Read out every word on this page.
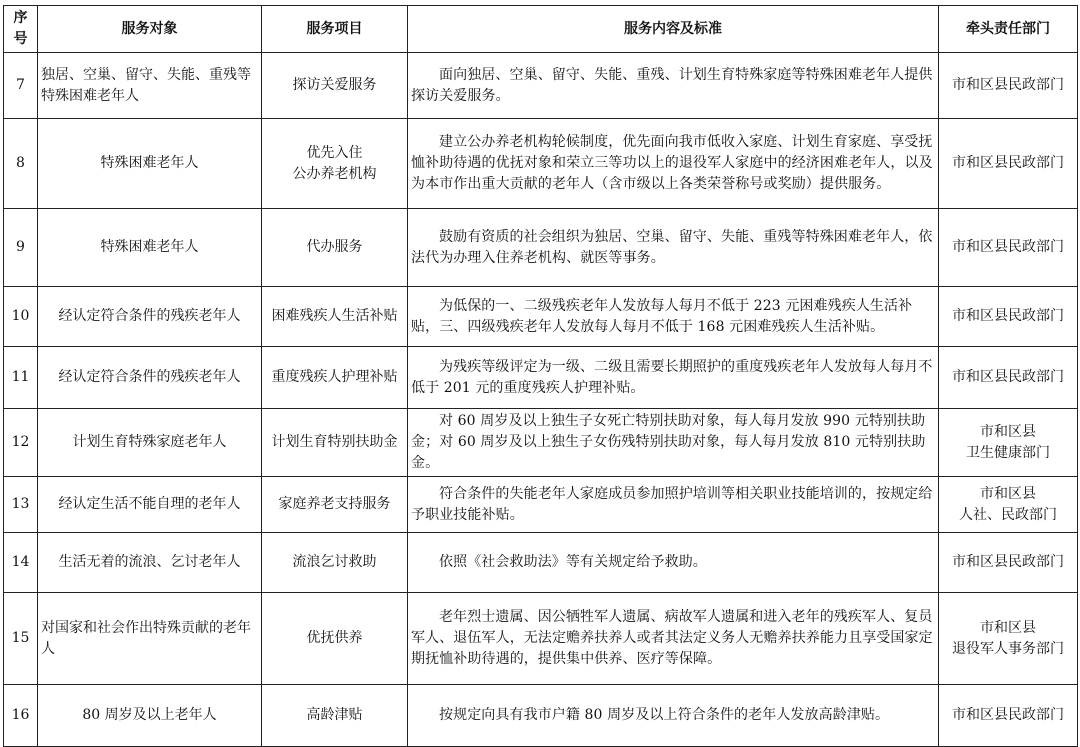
序号	服务对象	服务项目	服务内容及标准	牵头责任部门
7	独居、空巢、留守、失能、重残等特殊困难老年人	探访关爱服务	面向独居、空巢、留守、失能、重残、计划生育特殊家庭等特殊困难老年人提供探访关爱服务。	市和区县民政部门

8	特殊困难老年人	优先入住
公办养老机构	建立公办养老机构轮候制度，优先面向我市低收入家庭、计划生育家庭、享受抚恤补助待遇的优抚对象和荣立三等功以上的退役军人家庭中的经济困难老年人，以及为本市作出重大贡献的老年人（含市级以上各类荣誉称号或奖励）提供服务。	市和区县民政部门

9	特殊困难老年人	代办服务	鼓励有资质的社会组织为独居、空巢、留守、失能、重残等特殊困难老年人，依法代为办理入住养老机构、就医等事务。	市和区县民政部门

10	经认定符合条件的残疾老年人	困难残疾人生活补贴	为低保的一、二级残疾老年人发放每人每月不低于 223 元困难残疾人生活补贴，三、四级残疾老年人发放每人每月不低于 168 元困难残疾人生活补贴。	市和区县民政部门

11	经认定符合条件的残疾老年人	重度残疾人护理补贴	为残疾等级评定为一级、二级且需要长期照护的重度残疾老年人发放每人每月不低于 201 元的重度残疾人护理补贴。	市和区县民政部门

12	计划生育特殊家庭老年人	计划生育特别扶助金	对 60 周岁及以上独生子女死亡特别扶助对象，每人每月发放 990 元特别扶助金；对 60 周岁及以上独生子女伤残特别扶助对象，每人每月发放 810 元特别扶助金。	市和区县
卫生健康部门

13	经认定生活不能自理的老年人	家庭养老支持服务	符合条件的失能老年人家庭成员参加照护培训等相关职业技能培训的，按规定给予职业技能补贴。	市和区县
人社、民政部门

14	生活无着的流浪、乞讨老年人	流浪乞讨救助	依照《社会救助法》等有关规定给予救助。	市和区县民政部门

15	对国家和社会作出特殊贡献的老年人	优抚供养	老年烈士遗属、因公牺牲军人遗属、病故军人遗属和进入老年的残疾军人、复员军人、退伍军人，无法定赡养扶养人或者其法定义务人无赡养扶养能力且享受国家定期抚恤补助待遇的，提供集中供养、医疗等保障。	市和区县
退役军人事务部门

16	80 周岁及以上老年人	高龄津贴	按规定向具有我市户籍 80 周岁及以上符合条件的老年人发放高龄津贴。	市和区县民政部门
